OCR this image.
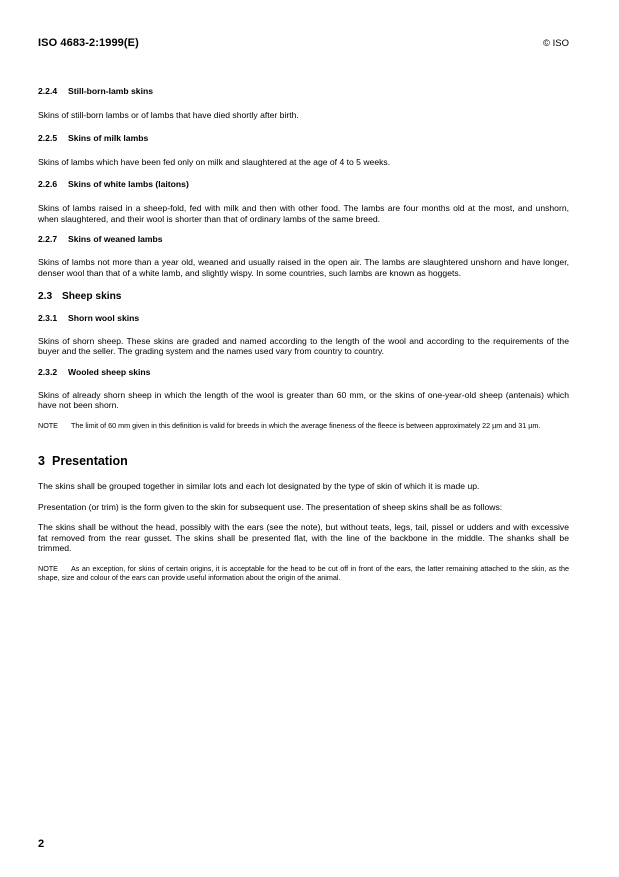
ISO 4683-2:1999(E)	© ISO
2.2.4 Still-born-lamb skins

Skins of still-born lambs or of lambs that have died shortly after birth.

2.2.5 Skins of milk lambs

Skins of lambs which have been fed only on milk and slaughtered at the age of 4 to 5 weeks.

2.2.6 Skins of white lambs (laitons)

Skins of lambs raised in a sheep-fold, fed with milk and then with other food. The lambs are four months old at the most, and unshorn, when slaughtered, and their wool is shorter than that of ordinary lambs of the same breed.

2.2.7 Skins of weaned lambs

Skins of lambs not more than a year old, weaned and usually raised in the open air. The lambs are slaughtered unshorn and have longer, denser wool than that of a white lamb, and slightly wispy. In some countries, such lambs are known as hoggets.

2.3 Sheep skins
2.3.1 Shorn wool skins

Skins of shorn sheep. These skins are graded and named according to the length of the wool and according to the requirements of the buyer and the seller. The grading system and the names used vary from country to country.

2.3.2 Wooled sheep skins

Skins of already shorn sheep in which the length of the wool is greater than 60 mm, or the skins of one-year-old sheep (antenais) which have not been shorn.

NOTE The limit of 60 mm given in this definition is valid for breeds in which the average fineness of the fleece is between approximately 22 µm and 31 µm.

3 Presentation

The skins shall be grouped together in similar lots and each lot designated by the type of skin of which it is made up.

Presentation (or trim) is the form given to the skin for subsequent use. The presentation of sheep skins shall be as follows:

The skins shall be without the head, possibly with the ears (see the note), but without teats, legs, tail, pissel or udders and with excessive fat removed from the rear gusset. The skins shall be presented flat, with the line of the backbone in the middle. The shanks shall be trimmed.

NOTE As an exception, for skins of certain origins, it is acceptable for the head to be cut off in front of the ears, the latter remaining attached to the skin, as the shape, size and colour of the ears can provide useful information about the origin of the animal.

2
